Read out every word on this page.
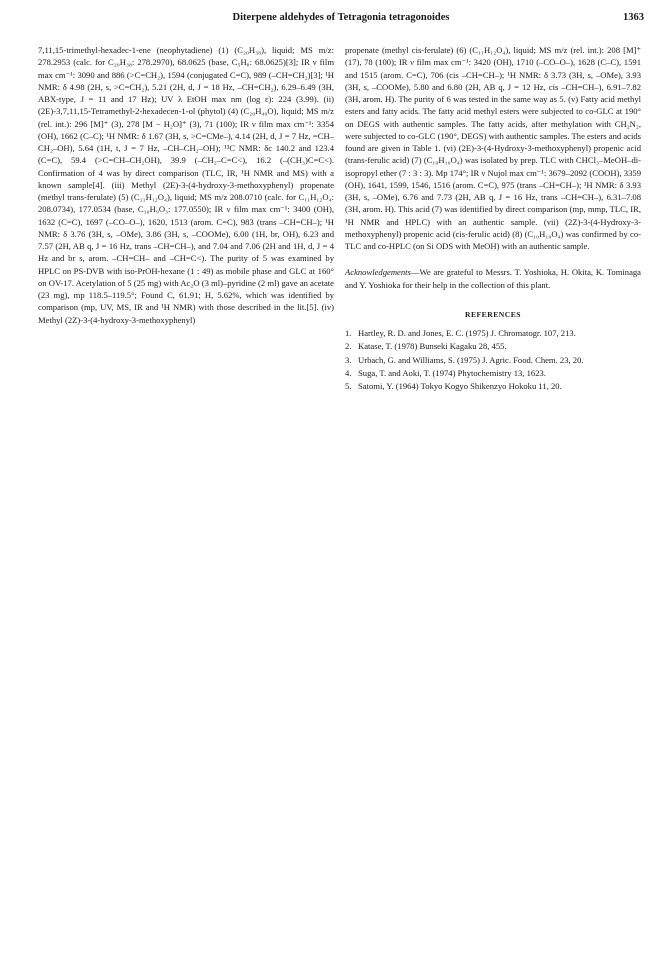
Diterpene aldehydes of Tetragonia tetragonoides	1363

7,11,15-trimethyl-hexadec-1-ene (neophytadiene) (1) (C₂₀H₃₈), liquid; MS m/z: 278.2953 (calc. for C₂₀H₃₈: 278.2970), 68.0625 (base, C₅H₈: 68.0625)[3]; IR ν film max cm⁻¹: 3090 and 886 (>C=CH₂), 1594 (conjugated C=C), 989 (–CH=CH₂)[3]; ¹H NMR: δ 4.98 (2H, s, >C=CH₂), 5.21 (2H, d, J = 18 Hz, –CH=CH₂), 6.29–6.49 (3H, ABX-type, J = 11 and 17 Hz); UV λ EtOH max nm (log ε): 224 (3.99). (ii) (2E)-3,7,11,15-Tetramethyl-2-hexadecen-1-ol (phytol) (4) (C₂₀H₄₀O), liquid; MS m/z (rel. int.): 296 [M]⁺ (3), 278 [M − H₂O]⁺ (3), 71 (100); IR ν film max cm⁻¹: 3354 (OH), 1662 (C–C); ¹H NMR: δ 1.67 (3H, s, >C=CMe–), 4.14 (2H, d, J = 7 Hz, =CH–CH₂–OH), 5.64 (1H, t, J = 7 Hz, –CH–CH₂–OH); ¹³C NMR: δc 140.2 and 123.4 (C=C), 59.4 (>C=CH–CH₂OH), 39.9 (–CH₂–C=C<), 16.2 (–(CH₃)C=C<). Confirmation of 4 was by direct comparison (TLC, IR, ¹H NMR and MS) with a known sample[4]. (iii) Methyl (2E)-3-(4-hydroxy-3-methoxyphenyl) propenate (methyl trans-ferulate) (5) (C₁₁H₁₂O₄), liquid; MS m/z 208.0710 (calc. for C₁₁H₁₂O₄: 208.0734), 177.0534 (base, C₁₀H₉O₃: 177.0550); IR ν film max cm⁻¹: 3400 (OH), 1632 (C=C), 1697 (–CO–O–), 1620, 1513 (arom. C=C), 983 (trans –CH=CH–); ¹H NMR: δ 3.76 (3H, s, –OMe), 3.86 (3H, s, –COOMe), 6.00 (1H, br, OH), 6.23 and 7.57 (2H, AB q, J = 16 Hz, trans –CH=CH–), and 7.04 and 7.06 (2H and 1H, d, J = 4 Hz and br s, arom. –CH=CH– and –CH=C<). The purity of 5 was examined by HPLC on PS-DVB with iso-PrOH-hexane (1 : 49) as mobile phase and GLC at 160° on OV-17. Acetylation of 5 (25 mg) with Ac₂O (3 ml)–pyridine (2 ml) gave an acetate (23 mg), mp 118.5–119.5°; Found C, 61.91; H, 5.62%, which was identified by comparison (mp, UV, MS, IR and ¹H NMR) with those described in the lit.[5]. (iv) Methyl (2Z)-3-(4-hydroxy-3-methoxyphenyl)

propenate (methyl cis-ferulate) (6) (C₁₁H₁₂O₄), liquid; MS m/z (rel. int.): 208 [M]⁺ (17), 78 (100); IR ν film max cm⁻¹: 3420 (OH), 1710 (–CO–O–), 1628 (C–C), 1591 and 1515 (arom. C=C), 706 (cis –CH=CH–); ¹H NMR: δ 3.73 (3H, s, –OMe), 3.93 (3H, s, –COOMe), 5.80 and 6.80 (2H, AB q, J = 12 Hz, cis –CH=CH–), 6.91–7.82 (3H, arom. H). The purity of 6 was tested in the same way as 5. (v) Fatty acid methyl esters and fatty acids. The fatty acid methyl esters were subjected to co-GLC at 190° on DEGS with authentic samples. The fatty acids, after methylation with CH₂N₂, were subjected to co-GLC (190°, DEGS) with authentic samples. The esters and acids found are given in Table 1. (vi) (2E)-3-(4-Hydroxy-3-methoxyphenyl) propenic acid (trans-ferulic acid) (7) (C₁₀H₁₀O₄) was isolated by prep. TLC with CHCl₃–MeOH–di-isopropyl ether (7 : 3 : 3). Mp 174°; IR ν Nujol max cm⁻¹: 3679–2092 (COOH), 3359 (OH), 1641, 1599, 1546, 1516 (arom. C=C), 975 (trans –CH=CH–); ¹H NMR: δ 3.93 (3H, s, –OMe), 6.76 and 7.73 (2H, AB q, J = 16 Hz, trans –CH=CH–), 6.31–7.08 (3H, arom. H). This acid (7) was identified by direct comparison (mp, mmp, TLC, IR, ¹H NMR and HPLC) with an authentic sample. (vii) (2Z)-3-(4-Hydroxy-3-methoxyphenyl) propenic acid (cis-ferulic acid) (8) (C₁₀H₁₀O₄) was confirmed by co-TLC and co-HPLC (on Si ODS with MeOH) with an authentic sample.

Acknowledgements—We are grateful to Messrs. T. Yoshioka, H. Okita, K. Tominaga and Y. Yoshioka for their help in the collection of this plant.

REFERENCES
1. Hartley, R. D. and Jones, E. C. (1975) J. Chromatogr. 107, 213.
2. Katase, T. (1978) Bunseki Kagaku 28, 455.
3. Urbach, G. and Williams, S. (1975) J. Agric. Food. Chem. 23, 20.
4. Suga, T. and Aoki, T. (1974) Phytochemistry 13, 1623.
5. Satomi, Y. (1964) Tokyo Kogyo Shikenzyo Hokoku 11, 20.
